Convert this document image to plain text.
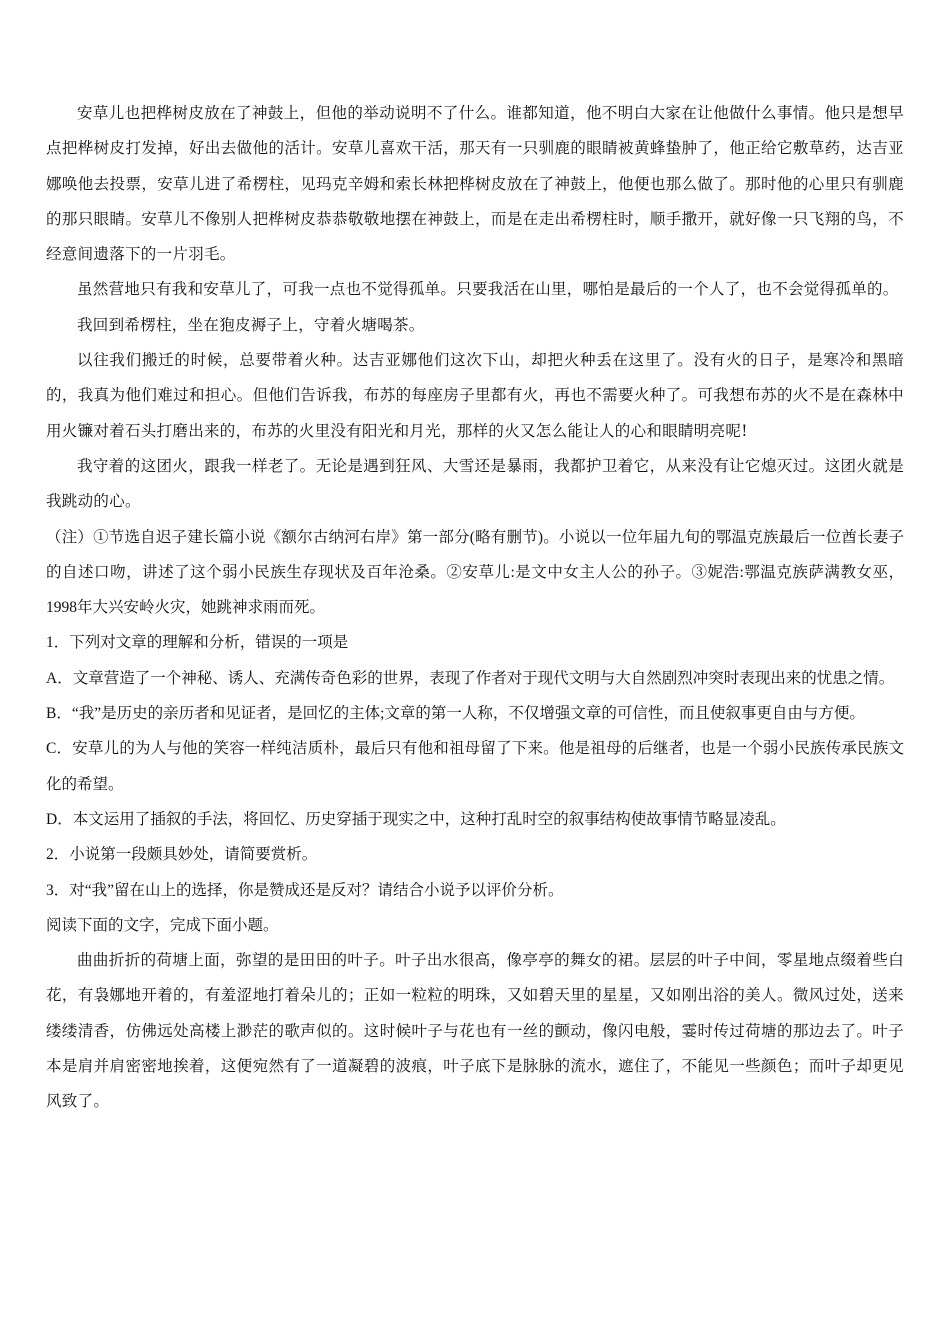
安草儿也把桦树皮放在了神鼓上，但他的举动说明不了什么。谁都知道，他不明白大家在让他做什么事情。他只是想早点把桦树皮打发掉，好出去做他的活计。安草儿喜欢干活，那天有一只驯鹿的眼睛被黄蜂蛰肿了，他正给它敷草药，达吉亚娜唤他去投票，安草儿进了希楞柱，见玛克辛姆和索长林把桦树皮放在了神鼓上，他便也那么做了。那时他的心里只有驯鹿的那只眼睛。安草儿不像别人把桦树皮恭恭敬敬地摆在神鼓上，而是在走出希楞柱时，顺手撒开，就好像一只飞翔的鸟，不经意间遗落下的一片羽毛。

虽然营地只有我和安草儿了，可我一点也不觉得孤单。只要我活在山里，哪怕是最后的一个人了，也不会觉得孤单的。

我回到希楞柱，坐在狍皮褥子上，守着火塘喝茶。

以往我们搬迁的时候，总要带着火种。达吉亚娜他们这次下山，却把火种丢在这里了。没有火的日子，是寒冷和黑暗的，我真为他们难过和担心。但他们告诉我，布苏的每座房子里都有火，再也不需要火种了。可我想布苏的火不是在森林中用火镰对着石头打磨出来的，布苏的火里没有阳光和月光，那样的火又怎么能让人的心和眼睛明亮呢!

我守着的这团火，跟我一样老了。无论是遇到狂风、大雪还是暴雨，我都护卫着它，从来没有让它熄灭过。这团火就是我跳动的心。

（注）①节选自迟子建长篇小说《额尔古纳河右岸》第一部分(略有删节)。小说以一位年届九旬的鄂温克族最后一位酋长妻子的自述口吻，讲述了这个弱小民族生存现状及百年沧桑。②安草儿:是文中女主人公的孙子。③妮浩:鄂温克族萨满教女巫，1998年大兴安岭火灾，她跳神求雨而死。

1．下列对文章的理解和分析，错误的一项是

A．文章营造了一个神秘、诱人、充满传奇色彩的世界，表现了作者对于现代文明与大自然剧烈冲突时表现出来的忧患之情。

B．“我”是历史的亲历者和见证者，是回忆的主体;文章的第一人称，不仅增强文章的可信性，而且使叙事更自由与方便。

C．安草儿的为人与他的笑容一样纯洁质朴，最后只有他和祖母留了下来。他是祖母的后继者，也是一个弱小民族传承民族文化的希望。

D．本文运用了插叙的手法，将回忆、历史穿插于现实之中，这种打乱时空的叙事结构使故事情节略显凌乱。

2．小说第一段颇具妙处，请简要赏析。

3．对“我”留在山上的选择，你是赞成还是反对？请结合小说予以评价分析。

阅读下面的文字，完成下面小题。

曲曲折折的荷塘上面，弥望的是田田的叶子。叶子出水很高，像亭亭的舞女的裙。层层的叶子中间，零星地点缀着些白花，有袅娜地开着的，有羞涩地打着朵儿的；正如一粒粒的明珠，又如碧天里的星星，又如刚出浴的美人。微风过处，送来缕缕清香，仿佛远处高楼上渺茫的歌声似的。这时候叶子与花也有一丝的颤动，像闪电般，霎时传过荷塘的那边去了。叶子本是肩并肩密密地挨着，这便宛然有了一道凝碧的波痕，叶子底下是脉脉的流水，遮住了，不能见一些颜色；而叶子却更见风致了。
